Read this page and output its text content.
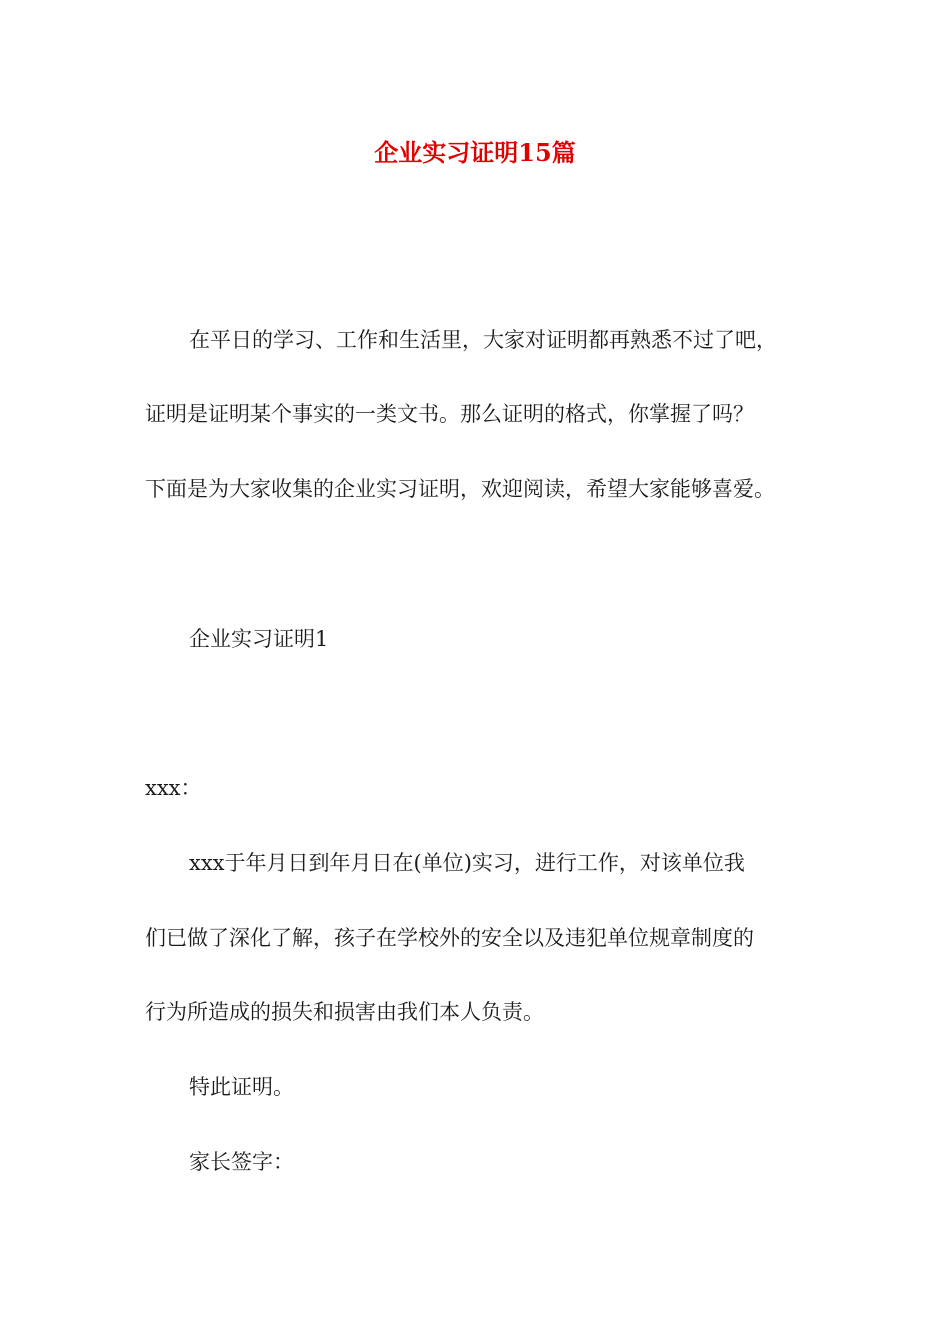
企业实习证明15篇
在平日的学习、工作和生活里，大家对证明都再熟悉不过了吧，
证明是证明某个事实的一类文书。那么证明的格式，你掌握了吗？
下面是为大家收集的企业实习证明，欢迎阅读，希望大家能够喜爱。
企业实习证明1
xxx：
xxx于年月日到年月日在(单位)实习，进行工作，对该单位我
们已做了深化了解，孩子在学校外的安全以及违犯单位规章制度的
行为所造成的损失和损害由我们本人负责。
特此证明。
家长签字：
